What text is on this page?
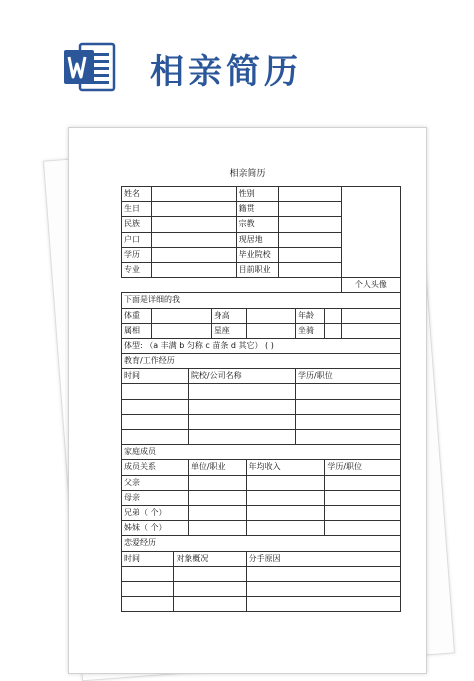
相亲简历
相亲简历
姓名					性别					
生日					籍贯					
民族					宗教					
户口					现居地					
学历					毕业院校					
专业					目前职业					
										个人头像
下面是详细的我										
体重				身高				年龄		
属相				星座				坐骑		
体型: （a 丰满 b 匀称 c 苗条 d 其它） ( )										
教育/工作经历										
时间			院校/公司名称					学历/职位		

家庭成员										
成员关系			单位/职业			年均收入			学历/职位	
父亲										
母亲										
兄弟（ 个）										
姊妹（ 个）										
恋爱经历										
时间		对象概况				分手原因				
